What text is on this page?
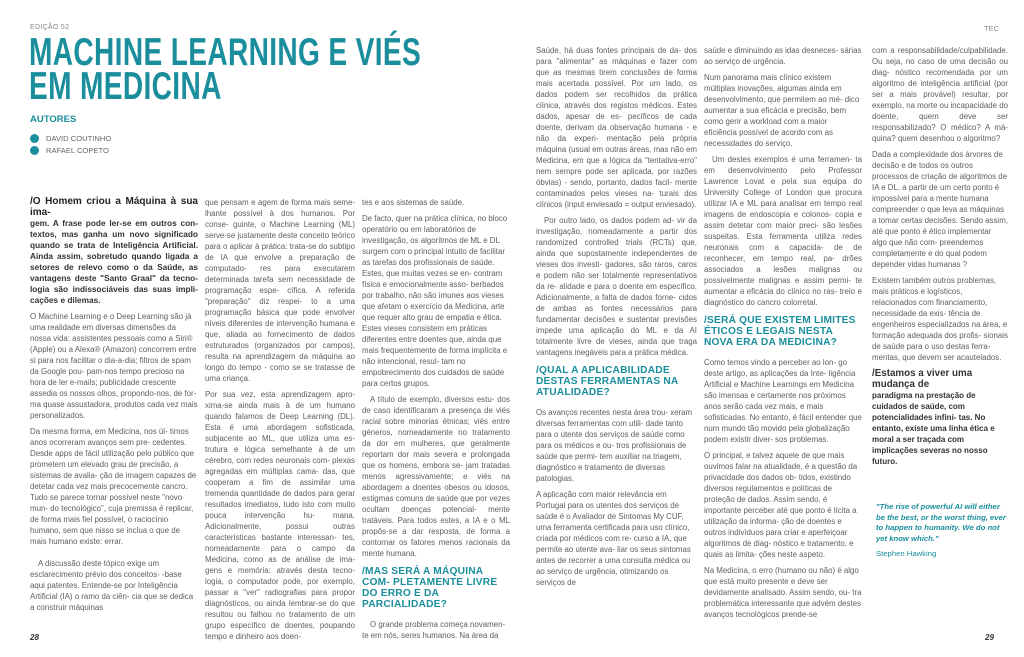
EDIÇÃO 52
MACHINE LEARNING E VIÉS
EM MEDICINA
AUTORES
DAVID COUTINHO
RAFAEL COPETO

/O Homem criou a Máquina à sua ima-
gem. A frase pode ler-se em outros con- textos, mas ganha um novo significado quando se trata de Inteligência Artificial. Ainda assim, sobretudo quando ligada a setores de relevo como o da Saúde, as vantagens deste "Santo Graal" da tecno- logia são indissociáveis das suas impli- cações e dilemas.

O Machine Learning e o Deep Learning são já uma realidade em diversas dimensões da nossa vida: assistentes pessoais como a Siri® (Apple) ou a Alexa® (Amazon) concorrem entre si para nos facilitar o dia-a-dia; filtros de spam da Google pou- pam-nos tempo precioso na hora de ler e-mails; publicidade crescente assedia os nossos olhos, propondo-nos, de for- ma quase assustadora, produtos cada vez mais personalizados.

Da mesma forma, em Medicina, nos úl- timos anos ocorreram avanços sem pre- cedentes. Desde apps de fácil utilização pelo público que prometem um elevado grau de precisão, a sistemas de avalia- ção de imagem capazes de detetar cada vez mais precocemente cancro. Tudo se parece tornar possível neste "novo mun- do tecnológico", cuja premissa é replicar, de forma mais fiel possível, o raciocínio humano, sem que nisso se inclua o que de mais humano existe: errar.

A discussão deste tópico exige um esclarecimento prévio dos conceitos- -base aqui patentes. Entende-se por Inteligência Artificial (IA) o ramo da ciên- cia que se dedica a construir máquinas

que pensam e agem de forma mais seme- lhante possível à dos humanos. Por conse- guinte, o Machine Learning (ML) serve-se justamente deste conceito teórico para o aplicar à prática: trata-se do subtipo de IA que envolve a preparação de computado- res para executarem determinada tarefa sem necessidade de programação espe- cífica. A referida "preparação" diz respei- to a uma programação básica que pode envolver níveis diferentes de intervenção humana e que, aliada ao fornecimento de dados estruturados (organizados por campos), resulta na aprendizagem da máquina ao longo do tempo - como se se tratasse de uma criança.

Por sua vez, esta aprendizagem apro- xima-se ainda mais à de um humano quando falamos de Deep Learning (DL). Esta é uma abordagem sofisticada, subjacente ao ML, que utiliza uma es- trutura e lógica semelhante à de um cérebro, com redes neuronais com- plexas agregadas em múltiplas cama- das, que cooperam a fim de assimilar uma tremenda quantidade de dados para gerar resultados imediatos, tudo isto com muito pouca intervenção hu- mana. Adicionalmente, possui outras características bastante interessan- tes, nomeadamente para o campo da Medicina, como as de análise de ima- gens e memória: através desta tecno- logia, o computador pode, por exemplo, passar a "ver" radiografias para propor diagnósticos, ou ainda lembrar-se do que resultou ou falhou no tratamento de um grupo específico de doentes, poupando tempo e dinheiro aos doen-

tes e aos sistemas de saúde.

De facto, quer na prática clínica, no bloco operatório ou em laboratórios de investigação, os algoritmos de ML e DL surgem com o principal intuito de facilitar as tarefas dos profissionais de saúde. Estes, que muitas vezes se en- contram física e emocionalmente asso- berbados por trabalho, não são imunes aos vieses que afetam o exercício da Medicina, arte que requer alto grau de empatia e ética. Estes vieses consistem em práticas diferentes entre doentes que, ainda que mais frequentemente de forma implícita e não intencional, resul- tam no empobrecimento dos cuidados de saúde para certos grupos.

A título de exemplo, diversos estu- dos de caso identificaram a presença de viés racial sobre minorias étnicas; viés entre géneros, nomeadamente no tratamento da dor em mulheres, que geralmente reportam dor mais severa e prolongada que os homens, embora se- jam tratadas menos agressivamente; e viés na abordagem a doentes obesos ou idosos, estigmas comuns de saúde que por vezes ocultam doenças potencial- mente tratáveis. Para todos estes, a IA e o ML propôs-se a dar resposta, de forma a contornar os fatores menos racionais da mente humana.

/MAS SERÁ A MÁQUINA COM- PLETAMENTE LIVRE DO ERRO E DA PARCIALIDADE?

O grande problema começa novamen- te em nós, seres humanos. Na área da

28
TEC

Saúde, há duas fontes principais de da- dos para "alimentar" as máquinas e fazer com que as mesmas tirem conclusões de forma mais acertada possível. Por um lado, os dados podem ser recolhidos da prática clínica, através dos registos médicos. Estes dados, apesar de es- pecíficos de cada doente, derivam da observação humana - e não da experi- mentação pela própria máquina (usual em outras áreas, mas não em Medicina, em que a lógica da "tentativa-erro" nem sempre pode ser aplicada, por razões óbvias) - sendo, portanto, dados facil- mente contaminados pelos vieses na- turais dos clínicos (input enviesado = output enviesado).

Por outro lado, os dados podem ad- vir da investigação, nomeadamente a partir dos randomized controlled trials (RCTs) que, ainda que supostamente independentes de vieses dos investi- gadores, são raros, caros e podem não ser totalmente representativos da re- alidade e para o doente em específico. Adicionalmente, a falta de dados forne- cidos de ambas as fontes necessários para fundamentar decisões e sustentar previsões impede uma aplicação do ML e da AI totalmente livre de vieses, ainda que traga vantagens inegáveis para a prática médica.

/QUAL A APLICABILIDADE DESTAS FERRAMENTAS NA ATUALIDADE?

Os avanços recentes nesta área trou- xeram diversas ferramentas com utili- dade tanto para o utente dos serviços de saúde como para os médicos e ou- tros profissionais de saúde que permi- tem auxiliar na triagem, diagnóstico e tratamento de diversas patologias.

A aplicação com maior relevância em Portugal para os utentes dos serviços de saúde é o Avaliador de Sintomas My CUF, uma ferramenta certificada para uso clínico, criada por médicos com re- curso a IA, que permite ao utente ava- liar os seus sintomas antes de recorrer a uma consulta médica ou ao serviço de urgência, otimizando os serviços de

saúde e diminuindo as idas desneces- sárias ao serviço de urgência.

Num panorama mais clínico existem múltiplas inovações, algumas ainda em desenvolvimento, que permitem ao mé- dico aumentar a sua eficácia e precisão, bem como gerir a workload com a maior eficiência possível de acordo com as necessidades do serviço.

Um destes exemplos é uma ferramen- ta em desenvolvimento pelo Professor Lawrence Lovat e pela sua equipa do University College of London que procura utilizar IA e ML para analisar em tempo real imagens de endoscopia e colonos- copia e assim detetar com maior preci- são lesões suspeitas. Esta ferramenta utiliza redes neuronais com a capacida- de de reconhecer, em tempo real, pa- drões associados a lesões malignas ou possivelmente malignas e assim permi- te aumentar a eficácia do clínico no ras- treio e diagnóstico do cancro colorretal.

/SERÁ QUE EXISTEM LIMITES ÉTICOS E LEGAIS NESTA NOVA ERA DA MEDICINA?

Como temos vindo a perceber ao lon- go deste artigo, as aplicações da Inte- ligência Artificial e Machine Learnings em Medicina são imensas e certamente nos próximos anos serão cada vez mais, e mais sofisticadas. No entanto, é fácil entender que num mundo tão movido pela globalização podem existir diver- sos problemas.

O principal, e talvez aquele de que mais ouvimos falar na atualidade, é a questão da privacidade dos dados ob- tidos, existindo diversos regulamentos e políticas de proteção de dados. Assim sendo, é importante perceber até que ponto é lícita a utilização da informa- ção de doentes e outros indivíduos para criar e aperfeiçoar algoritmos de diag- nóstico e tratamento, e quais as limita- ções neste aspeto.

Na Medicina, o erro (humano ou não) é algo que está muito presente e deve ser devidamente analisado. Assim sendo, ou- tra problemática interessante que advém destes avanços tecnológicos prende-se

com a responsabilidade/culpabilidade. Ou seja, no caso de uma decisão ou diag- nóstico recomendada por um algoritmo de inteligência artificial (por ser a mais provável) resultar, por exemplo, na morte ou incapacidade do doente, quem deve ser responsabilizado? O médico? A má- quina? quem desenhou o algoritmo?

Dada a complexidade dos árvores de decisão e de todos os outros processos de criação de algoritmos de IA e DL, a partir de um certo ponto é impossível para a mente humana compreender o que leva as máquinas a tomar certas decisões. Sendo assim, até que ponto é ético implementar algo que não com- preendemos completamente e do qual podem depender vidas humanas ?

Existem também outros problemas, mais práticos e logísticos, relacionados com financiamento, necessidade da exis- tência de engenheiros especializados na área, e formação adequada dos profis- sionais de saúde para o uso destas ferra- mentas, que devem ser acautelados.

/Estamos a viver uma mudança de
paradigma na prestação de cuidados de saúde, com potencialidades infini- tas. No entanto, existe uma linha ética e moral a ser traçada com implicações severas no nosso futuro.

"The rise of powerful AI will either be the best, or the worst thing, ever to happen to humanity. We do not yet know which."

Stephen Hawking
29
